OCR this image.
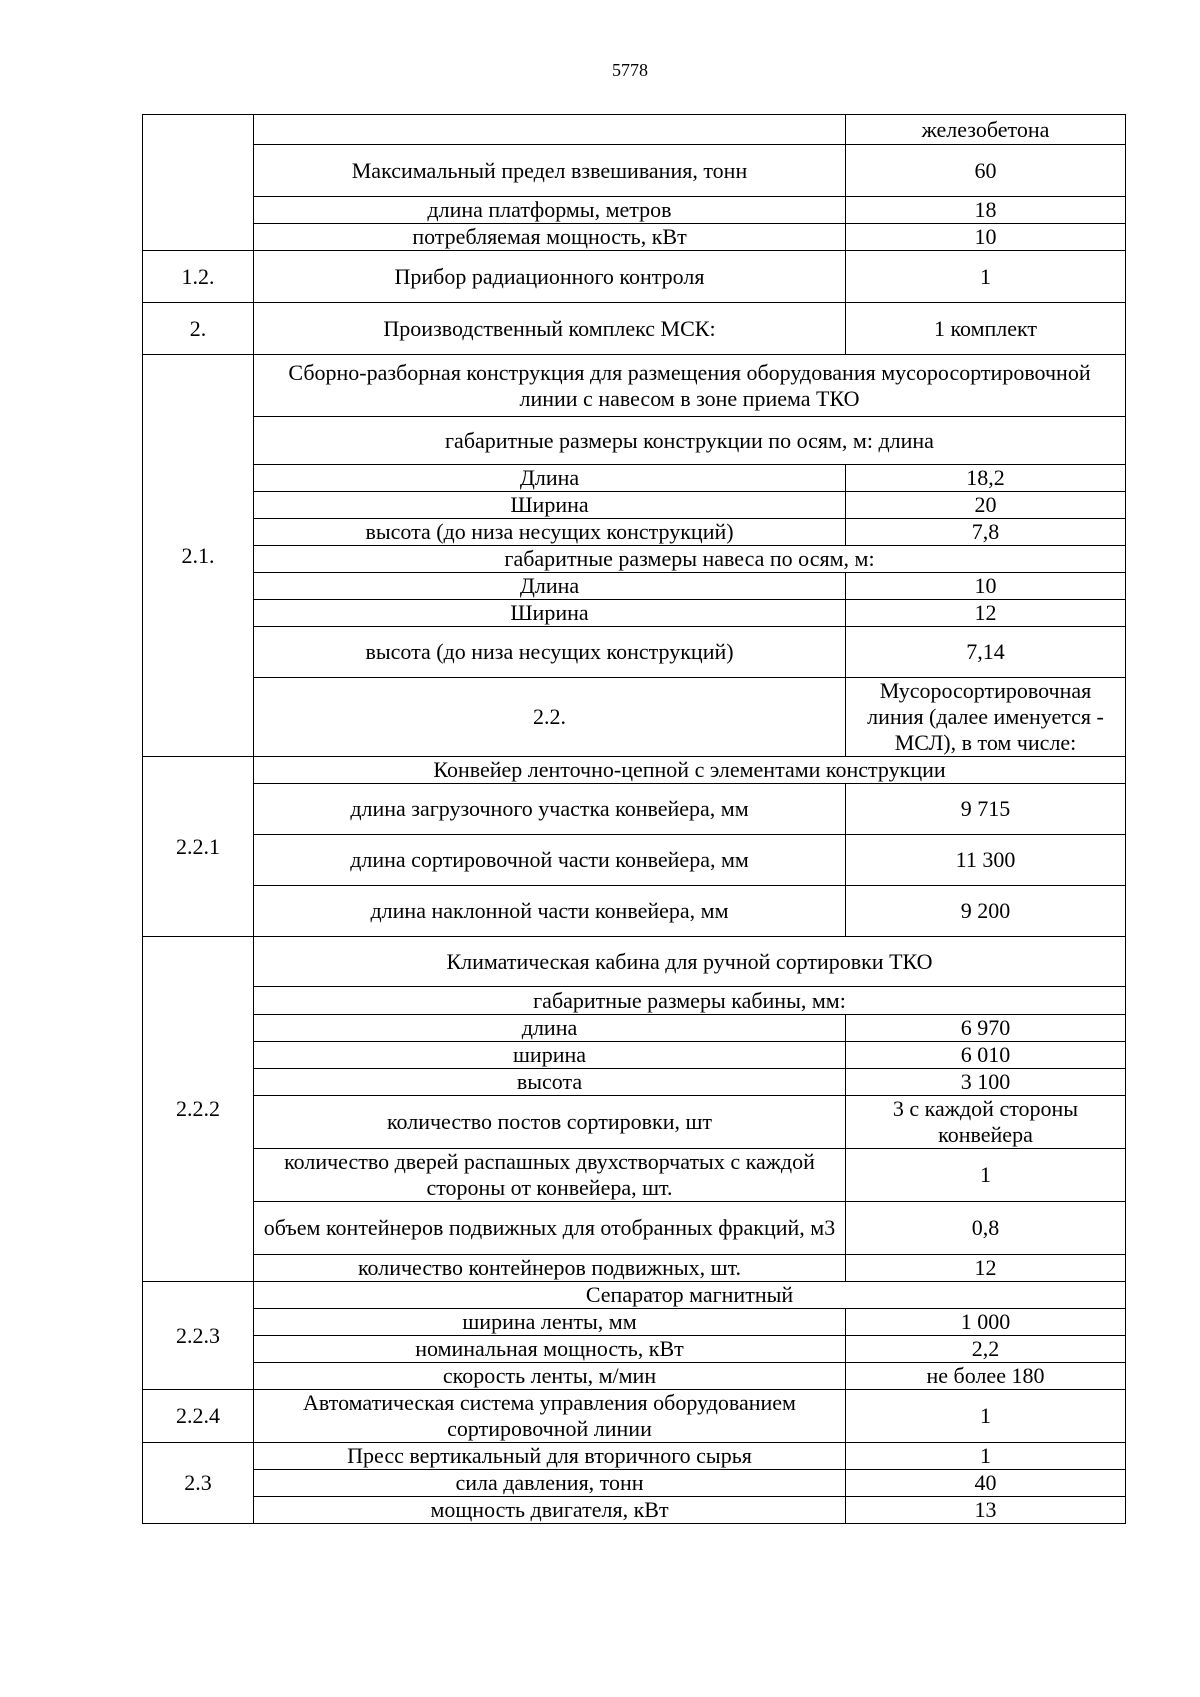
5778
		железобетона
	Максимальный предел взвешивания, тонн	60
	длина платформы, метров	18
	потребляемая мощность, кВт	10
1.2.	Прибор радиационного контроля	1
2.	Производственный комплекс МСК:	1 комплект
2.1.	Сборно-разборная конструкция для размещения оборудования мусоросортировочной линии с навесом в зоне приема ТКО	
	габаритные размеры конструкции по осям, м: длина	
	Длина	18,2
	Ширина	20
	высота (до низа несущих конструкций)	7,8
	габаритные размеры навеса по осям, м:	
	Длина	10
	Ширина	12
	высота (до низа несущих конструкций)	7,14
	2.2.	Мусоросортировочная линия (далее именуется - МСЛ), в том числе:
2.2.1	Конвейер ленточно-цепной с элементами конструкции	
	длина загрузочного участка конвейера, мм	9 715
	длина сортировочной части конвейера, мм	11 300
	длина наклонной части конвейера, мм	9 200
2.2.2	Климатическая кабина для ручной сортировки ТКО	
	габаритные размеры кабины, мм:	
	длина	6 970
	ширина	6 010
	высота	3 100
	количество постов сортировки, шт	3 с каждой стороны конвейера
	количество дверей распашных двухстворчатых с каждой стороны от конвейера, шт.	1
	объем контейнеров подвижных для отобранных фракций, м3	0,8
	количество контейнеров подвижных, шт.	12
2.2.3	Сепаратор магнитный	
	ширина ленты, мм	1 000
	номинальная мощность, кВт	2,2
	скорость ленты, м/мин	не более 180
2.2.4	Автоматическая система управления оборудованием сортировочной линии	1
2.3	Пресс вертикальный для вторичного сырья	1
	сила давления, тонн	40
	мощность двигателя, кВт	13
